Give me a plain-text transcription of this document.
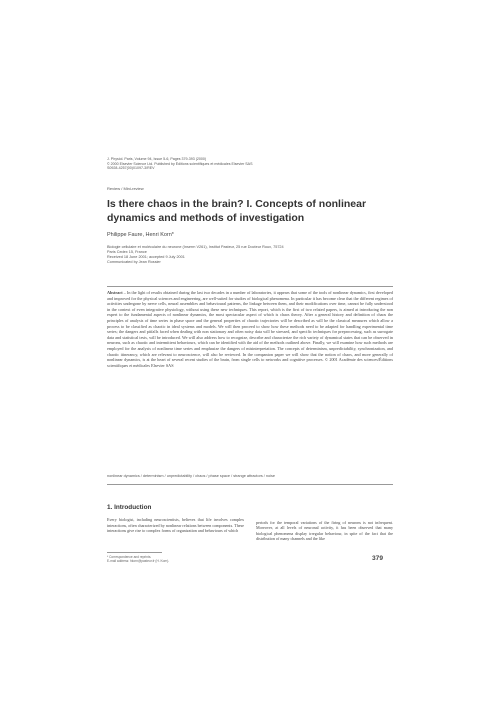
J. Physiol. Paris, Volume 94, Issue 5-6, Pages 379-393 (2000)
© 2000 Elsevier Science Ltd. Published by Éditions scientifiques et médicales Elsevier SAS
S0928-4257(00)01097-3/REV
Review / Mini-review
Is there chaos in the brain? I. Concepts of nonlinear dynamics and methods of investigation
Philippe Faure, Henri Korn*
Biologie cellulaire et moléculaire du neurone (Inserm V261), Institut Pasteur, 25 rue Docteur Roux, 75724
Paris Cedex 15, France
Received 18 June 2001; accepted 9 July 2001
Communicated by Jean Rossier
Abstract – In the light of results obtained during the last two decades in a number of laboratories, it appears that some of the tools of nonlinear dynamics, first developed and improved for the physical sciences and engineering, are well-suited for studies of biological phenomena. In particular it has become clear that the different regimes of activities undergone by nerve cells, neural assemblies and behavioural patterns, the linkage between them, and their modifications over time, cannot be fully understood in the context of even integrative physiology, without using these new techniques. This report, which is the first of two related papers, is aimed at introducing the non expert to the fundamental aspects of nonlinear dynamics, the most spectacular aspect of which is chaos theory. After a general history and definition of chaos the principles of analysis of time series in phase space and the general properties of chaotic trajectories will be described as will be the classical measures which allow a process to be classified as chaotic in ideal systems and models. We will then proceed to show how these methods need to be adapted for handling experimental time series; the dangers and pitfalls faced when dealing with non stationary and often noisy data will be stressed, and specific techniques for preprocessing, such as surrogate data and statistical tests, will be introduced. We will also address how to recognize, describe and characterize the rich variety of dynamical states that can be observed in neurons, such as chaotic and intermittent behaviours, which can be identified with the aid of the methods outlined above. Finally, we will examine how such methods are employed for the analysis of nonlinear time series and emphasize the dangers of misinterpretation. The concepts of determinism, unpredictability, synchronization, and chaotic itinerancy, which are relevant to neuroscience, will also be reviewed. In the companion paper we will show that the notion of chaos, and more generally of nonlinear dynamics, is at the heart of several recent studies of the brain, from single cells to networks and cognitive processes. © 2001 Académie des sciences/Éditions scientifiques et médicales Elsevier SAS
nonlinear dynamics / determinism / unpredictability / chaos / phase space / strange attractors / noise
1. Introduction
Every biologist, including neuroscientists, believes that life involves complex interactions, often characterized by nonlinear relations between components. These interactions give rise to complex forms of organization and behaviours of which
periods for the temporal variations of the firing of neurons is not infrequent. Moreover, at all levels of neuronal activity, it has been observed that many biological phenomena display irregular behaviour, in spite of the fact that the distribution of many channels and the like
* Correspondence and reprints.
E-mail address: hkorn@pasteur.fr (H. Korn).	379
